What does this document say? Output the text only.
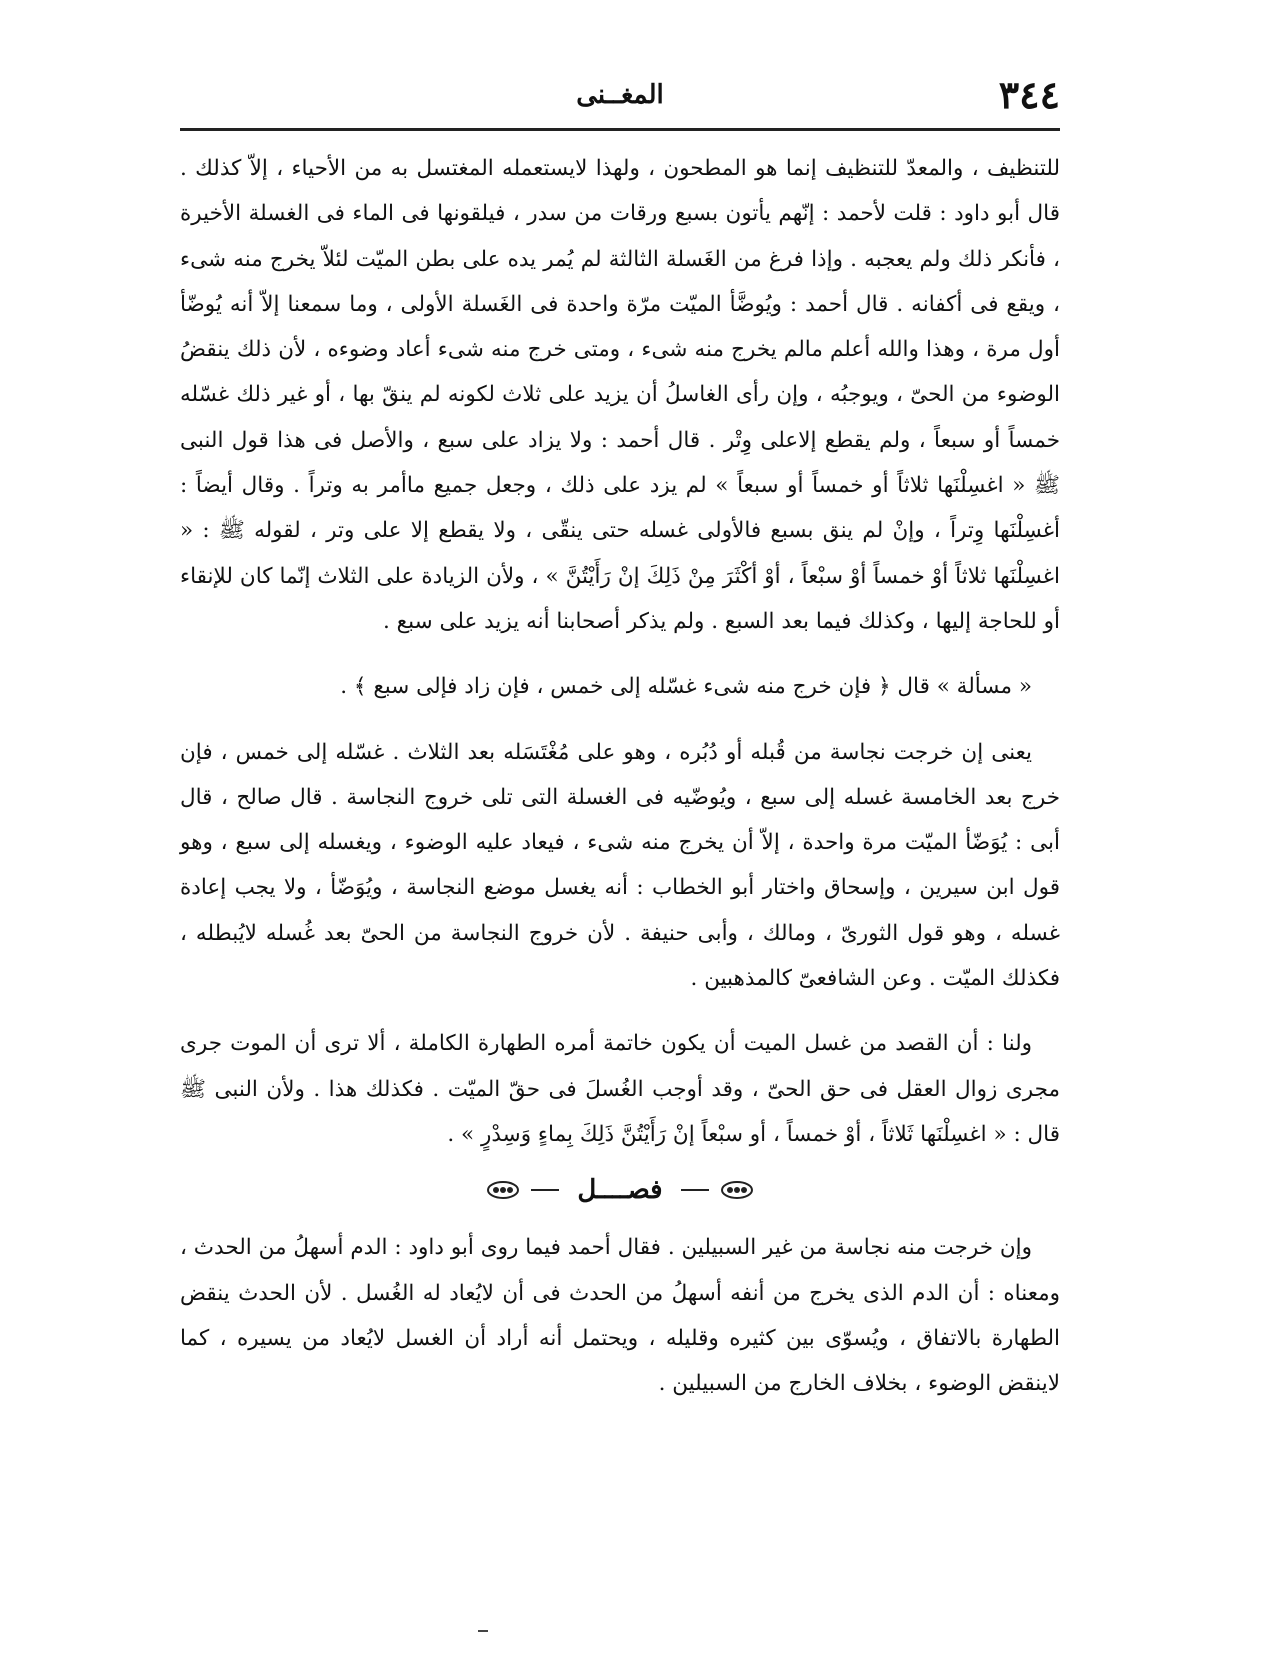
٣٤٤
المغــنى

للتنظيف ، والمعدّ للتنظيف إنما هو المطحون ، ولهذا لايستعمله المغتسل به من الأحياء ، إلاّ كذلك . قال أبو داود : قلت لأحمد : إنّهم يأتون بسبع ورقات من سدر ، فيلقونها فى الماء فى الغسلة الأخيرة ، فأنكر ذلك ولم يعجبه . وإذا فرغ من الغَسلة الثالثة لم يُمر يده على بطن الميّت لئلاّ يخرج منه شىء ، ويقع فى أكفانه . قال أحمد : ويُوضَّأ الميّت مرّة واحدة فى الغَسلة الأولى ، وما سمعنا إلاّ أنه يُوضّأ أول مرة ، وهذا والله أعلم مالم يخرج منه شىء ، ومتى خرج منه شىء أعاد وضوءه ، لأن ذلك ينقضُ الوضوء من الحىّ ، ويوجبُه ، وإن رأى الغاسلُ أن يزيد على ثلاث لكونه لم ينقّ بها ، أو غير ذلك غسّله خمساً أو سبعاً ، ولم يقطع إلاعلى وِتْر . قال أحمد : ولا يزاد على سبع ، والأصل فى هذا قول النبى ﷺ « اغسِلْنَها ثلاثاً أو خمساً أو سبعاً » لم يزد على ذلك ، وجعل جميع ماأمر به وتراً . وقال أيضاً : أغسِلْنَها وِتراً ، وإنْ لم ينق بسبع فالأولى غسله حتى ينقّى ، ولا يقطع إلا على وتر ، لقوله ﷺ : « اغسِلْنَها ثلاثاً أوْ خمساً أوْ سبْعاً ، أوْ أكْثَرَ مِنْ ذَلِكَ إنْ رَأَيْتُنَّ » ، ولأن الزيادة على الثلاث إنّما كان للإنقاء أو للحاجة إليها ، وكذلك فيما بعد السبع . ولم يذكر أصحابنا أنه يزيد على سبع .

« مسألة » قال ﴿ فإن خرج منه شىء غسّله إلى خمس ، فإن زاد فإلى سبع ﴾ .

يعنى إن خرجت نجاسة من قُبله أو دُبُره ، وهو على مُغْتَسَله بعد الثلاث . غسّله إلى خمس ، فإن خرج بعد الخامسة غسله إلى سبع ، ويُوضّيه فى الغسلة التى تلى خروج النجاسة . قال صالح ، قال أبى : يُوَضّأ الميّت مرة واحدة ، إلاّ أن يخرج منه شىء ، فيعاد عليه الوضوء ، ويغسله إلى سبع ، وهو قول ابن سيرين ، وإسحاق واختار أبو الخطاب : أنه يغسل موضع النجاسة ، ويُوَضّأ ، ولا يجب إعادة غسله ، وهو قول الثورىّ ، ومالك ، وأبى حنيفة . لأن خروج النجاسة من الحىّ بعد غُسله لايُبطله ، فكذلك الميّت . وعن الشافعىّ كالمذهبين .

ولنا : أن القصد من غسل الميت أن يكون خاتمة أمره الطهارة الكاملة ، ألا ترى أن الموت جرى مجرى زوال العقل فى حق الحىّ ، وقد أوجب الغُسلَ فى حقّ الميّت . فكذلك هذا . ولأن النبى ﷺ قال : « اغسِلْنَها ثَلاثاً ، أوْ خمساً ، أو سبْعاً إنْ رَأَيْتُنَّ ذَلِكَ بِماءٍ وَسِدْرٍ » .

فصــــل

وإن خرجت منه نجاسة من غير السبيلين . فقال أحمد فيما روى أبو داود : الدم أسهلُ من الحدث ، ومعناه : أن الدم الذى يخرج من أنفه أسهلُ من الحدث فى أن لايُعاد له الغُسل . لأن الحدث ينقض الطهارة بالاتفاق ، ويُسوّى بين كثيره وقليله ، ويحتمل أنه أراد أن الغسل لايُعاد من يسيره ، كما لاينقض الوضوء ، بخلاف الخارج من السبيلين .
